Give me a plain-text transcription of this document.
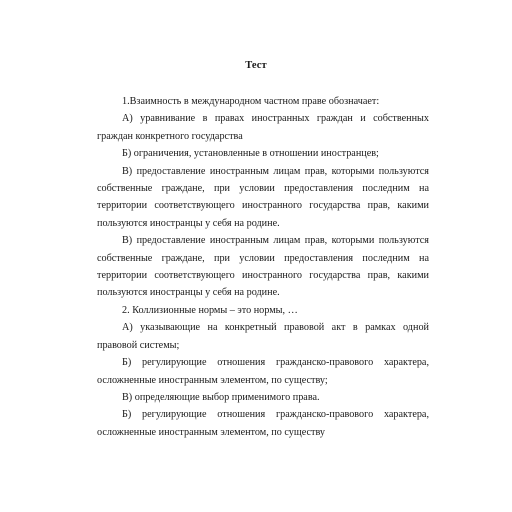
Тест

1.Взаимность в международном частном праве обозначает:

А) уравнивание в правах иностранных граждан и собственных граждан конкретного государства

Б) ограничения, установленные в отношении иностранцев;

В) предоставление иностранным лицам прав, которыми пользуются собственные граждане, при условии предоставления последним на территории соответствующего иностранного государства прав, какими пользуются иностранцы у себя на родине.

В) предоставление иностранным лицам прав, которыми пользуются собственные граждане, при условии предоставления последним на территории соответствующего иностранного государства прав, какими пользуются иностранцы у себя на родине.

2. Коллизионные нормы – это нормы, …

А) указывающие на конкретный правовой акт в рамках одной правовой системы;

Б) регулирующие отношения гражданско-правового характера, осложненные иностранным элементом, по существу;

В) определяющие выбор применимого права.

Б) регулирующие отношения гражданско-правового характера, осложненные иностранным элементом, по существу
